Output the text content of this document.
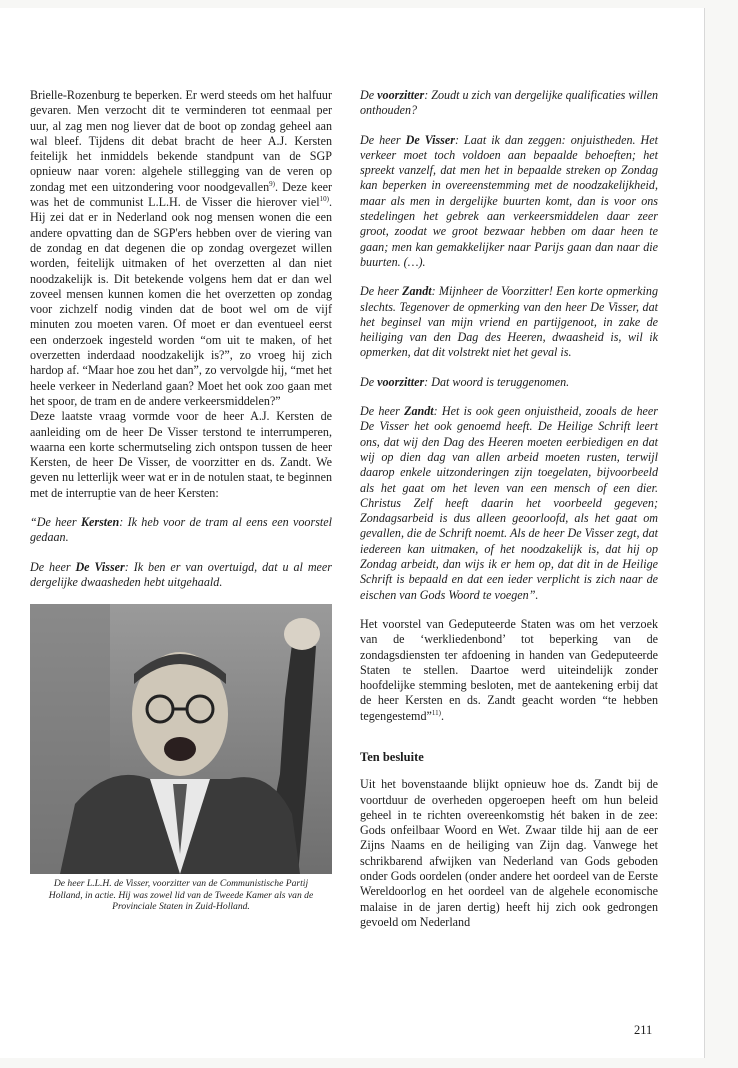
Brielle-Rozenburg te beperken. Er werd steeds om het halfuur gevaren. Men verzocht dit te verminderen tot eenmaal per uur, al zag men nog liever dat de boot op zondag geheel aan wal bleef. Tijdens dit debat bracht de heer A.J. Kersten feitelijk het inmiddels bekende standpunt van de SGP opnieuw naar voren: algehele stillegging van de veren op zondag met een uitzondering voor noodgevallen$^{9)}$. Deze keer was het de communist L.L.H. de Visser die hierover viel$^{10)}$. Hij zei dat er in Nederland ook nog mensen wonen die een andere opvatting dan de SGP'ers hebben over de viering van de zondag en dat degenen die op zondag overgezet willen worden, feitelijk uitmaken of het overzetten al dan niet noodzakelijk is. Dit betekende volgens hem dat er dan wel zoveel mensen kunnen komen die het overzetten op zondag voor zichzelf nodig vinden dat de boot wel om de vijf minuten zou moeten varen. Of moet er dan eventueel eerst een onderzoek ingesteld worden “om uit te maken, of het overzetten inderdaad noodzakelijk is?”, zo vroeg hij zich hardop af. “Maar hoe zou het dan”, zo vervolgde hij, “met het heele verkeer in Nederland gaan? Moet het ook zoo gaan met het spoor, de tram en de andere verkeersmiddelen?”

Deze laatste vraag vormde voor de heer A.J. Kersten de aanleiding om de heer De Visser terstond te interrumperen, waarna een korte schermutseling zich ontspon tussen de heer Kersten, de heer De Visser, de voorzitter en ds. Zandt. We geven nu letterlijk weer wat er in de notulen staat, te beginnen met de interruptie van de heer Kersten:

“De heer Kersten: Ik heb voor de tram al eens een voorstel gedaan.

De heer De Visser: Ik ben er van overtuigd, dat u al meer dergelijke dwaasheden hebt uitgehaald.

De heer L.L.H. de Visser, voorzitter van de Communistische Partij Holland, in actie. Hij was zowel lid van de Tweede Kamer als van de Provinciale Staten in Zuid-Holland.

De voorzitter: Zoudt u zich van dergelijke qualificaties willen onthouden?

De heer De Visser: Laat ik dan zeggen: onjuistheden. Het verkeer moet toch voldoen aan bepaalde behoeften; het spreekt vanzelf, dat men het in bepaalde streken op Zondag kan beperken in overeenstemming met de noodzakelijkheid, maar als men in dergelijke buurten komt, dan is voor ons stedelingen het gebrek aan verkeersmiddelen daar zeer groot, zoodat we groot bezwaar hebben om daar heen te gaan; men kan gemakkelijker naar Parijs gaan dan naar die buurten. (…).

De heer Zandt: Mijnheer de Voorzitter! Een korte opmerking slechts. Tegenover de opmerking van den heer De Visser, dat het beginsel van mijn vriend en partijgenoot, in zake de heiliging van den Dag des Heeren, dwaasheid is, wil ik opmerken, dat dit volstrekt niet het geval is.

De voorzitter: Dat woord is teruggenomen.

De heer Zandt: Het is ook geen onjuistheid, zooals de heer De Visser het ook genoemd heeft. De Heilige Schrift leert ons, dat wij den Dag des Heeren moeten eerbiedigen en dat wij op dien dag van allen arbeid moeten rusten, terwijl daarop enkele uitzonderingen zijn toegelaten, bijvoorbeeld als het gaat om het leven van een mensch of een dier. Christus Zelf heeft daarin het voorbeeld gegeven; Zondagsarbeid is dus alleen geoorloofd, als het gaat om gevallen, die de Schrift noemt. Als de heer De Visser zegt, dat iedereen kan uitmaken, of het noodzakelijk is, dat hij op Zondag arbeidt, dan wijs ik er hem op, dat dit in de Heilige Schrift is bepaald en dat een ieder verplicht is zich naar de eischen van Gods Woord te voegen”.

Het voorstel van Gedeputeerde Staten was om het verzoek van de ‘werkliedenbond’ tot beperking van de zondagsdiensten ter afdoening in handen van Gedeputeerde Staten te stellen. Daartoe werd uiteindelijk zonder hoofdelijke stemming besloten, met de aantekening erbij dat de heer Kersten en ds. Zandt geacht worden “te hebben tegengestemd”$^{11)}$.

Ten besluite

Uit het bovenstaande blijkt opnieuw hoe ds. Zandt bij de voortduur de overheden opgeroepen heeft om hun beleid geheel in te richten overeenkomstig hét baken in de zee: Gods onfeilbaar Woord en Wet. Zwaar tilde hij aan de eer Zijns Naams en de heiliging van Zijn dag. Vanwege het schrikbarend afwijken van Nederland van Gods geboden onder Gods oordelen (onder andere het oordeel van de Eerste Wereldoorlog en het oordeel van de algehele economische malaise in de jaren dertig) heeft hij zich ook gedrongen gevoeld om Nederland

211
